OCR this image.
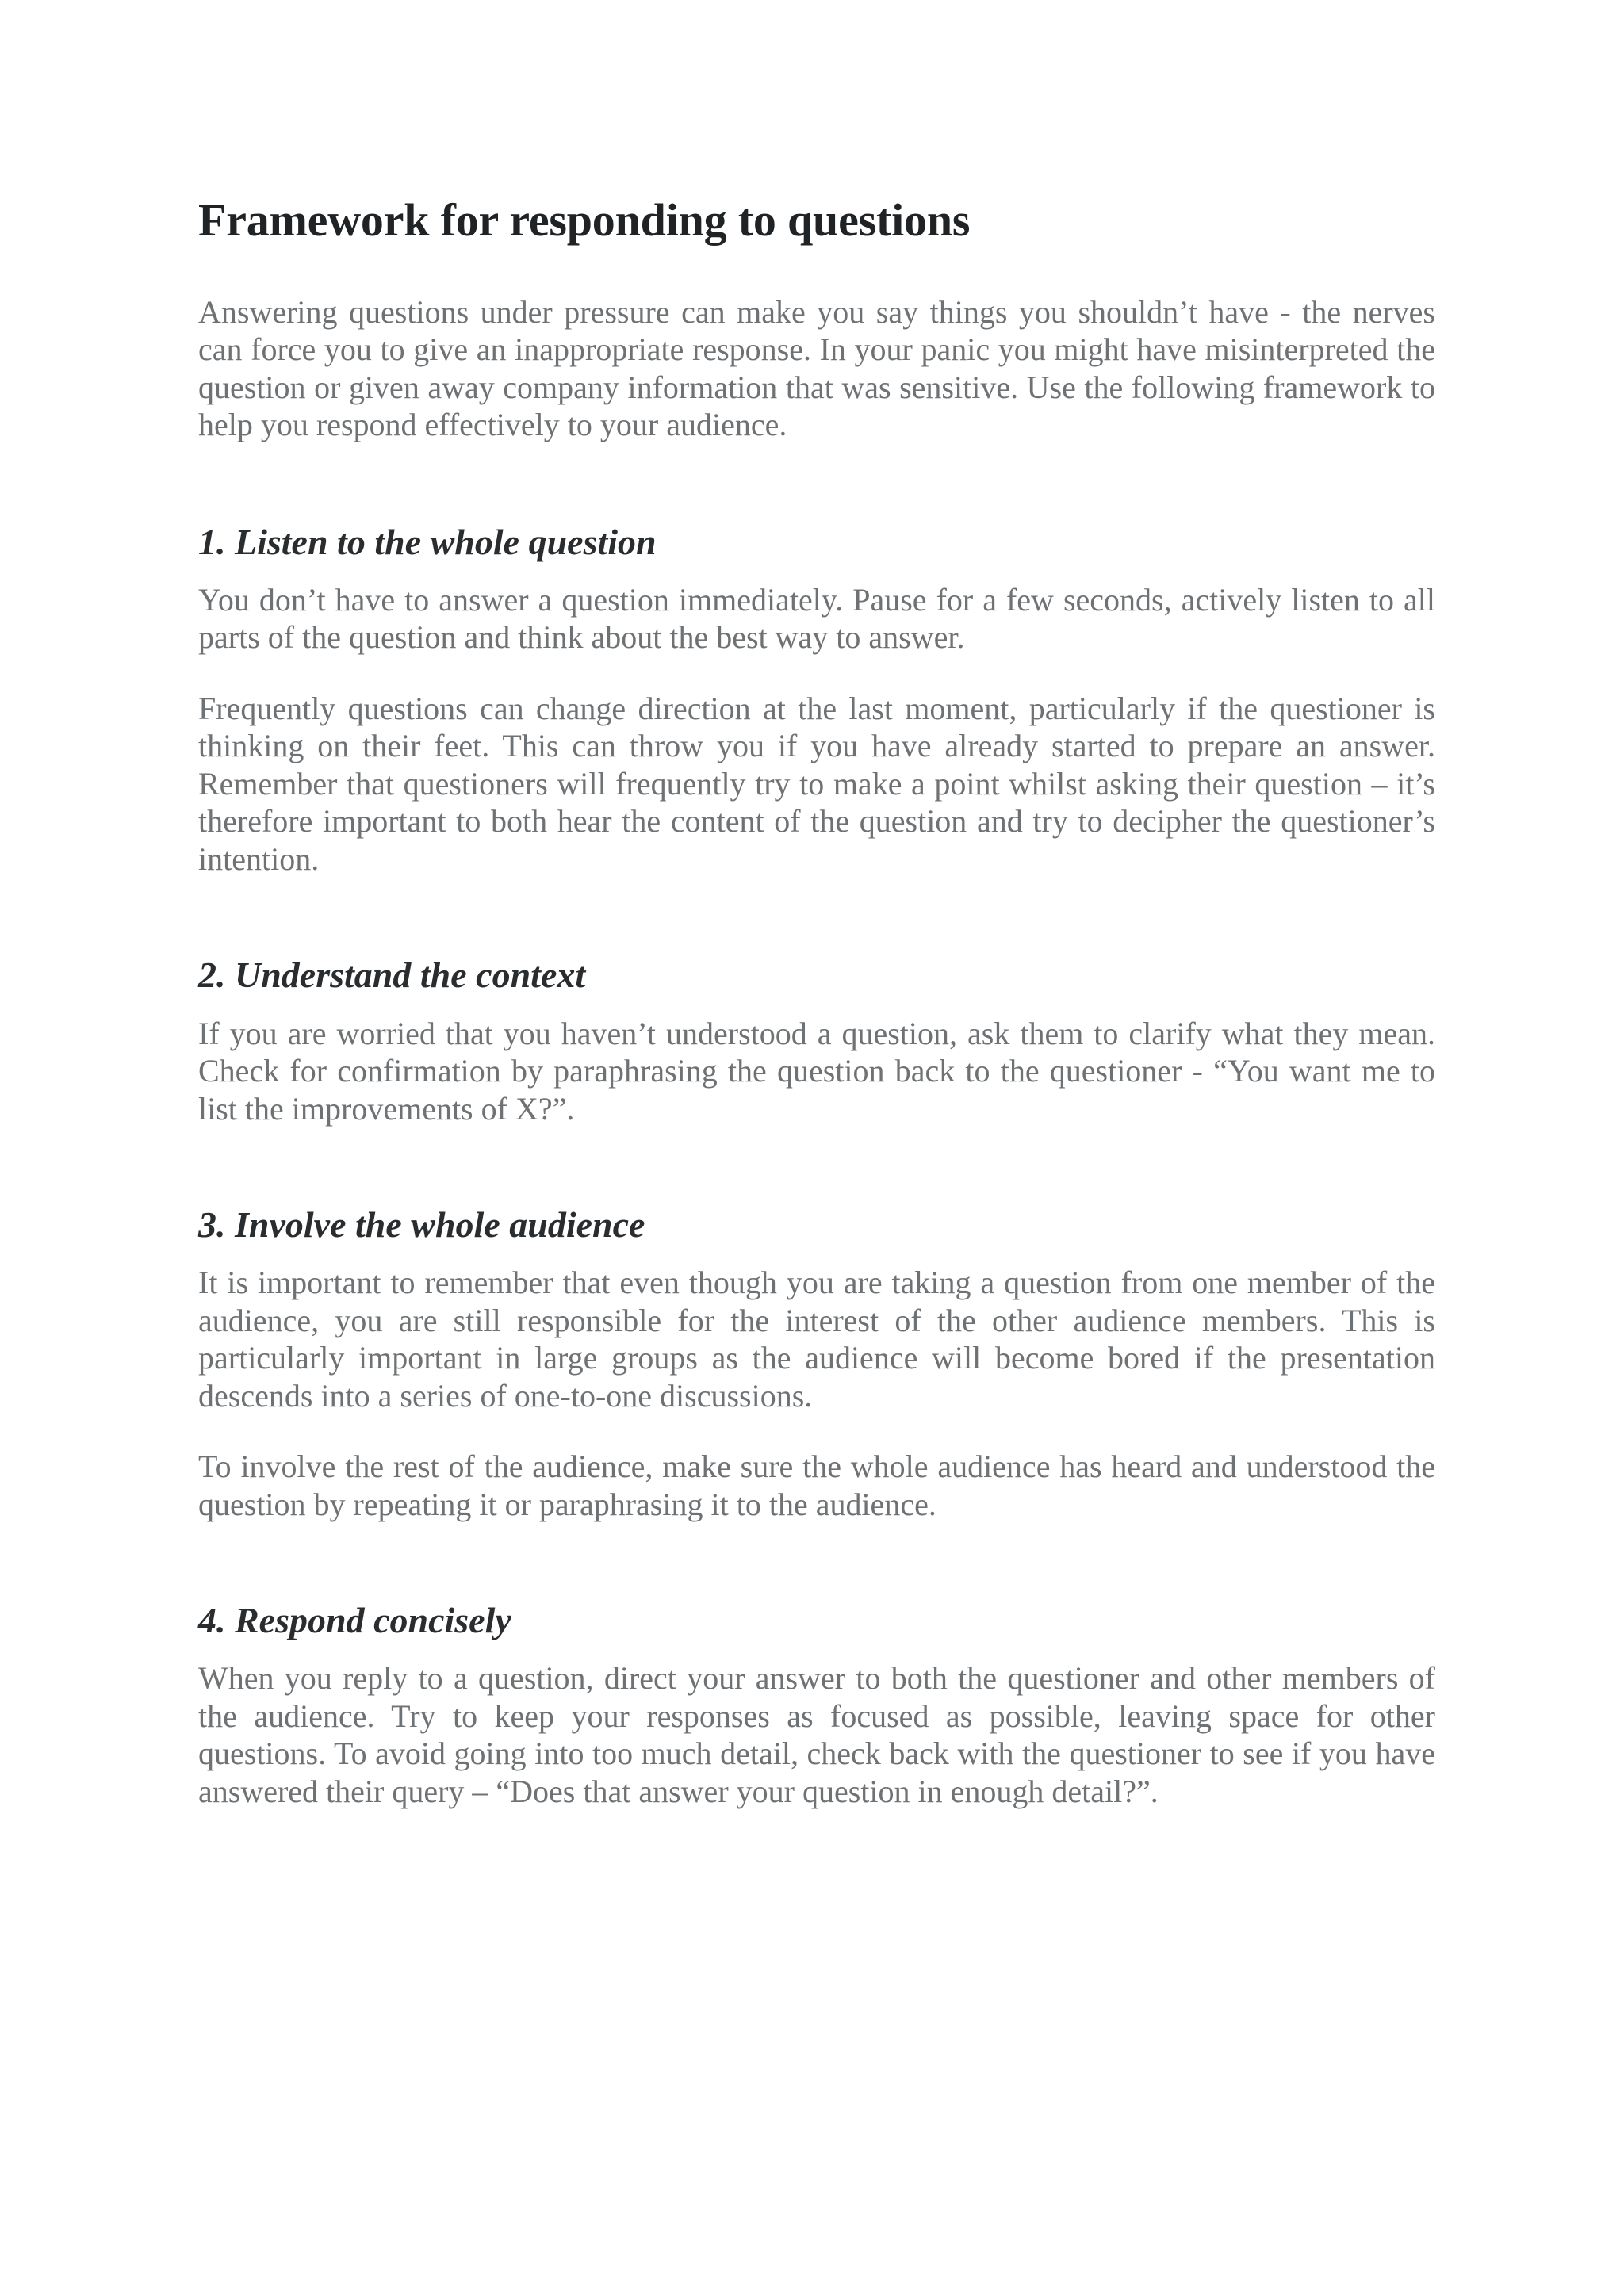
Framework for responding to questions

Answering questions under pressure can make you say things you shouldn’t have - the nerves can force you to give an inappropriate response. In your panic you might have misinterpreted the question or given away company information that was sensitive. Use the following framework to help you respond effectively to your audience.

1. Listen to the whole question

You don’t have to answer a question immediately. Pause for a few seconds, actively listen to all parts of the question and think about the best way to answer.

Frequently questions can change direction at the last moment, particularly if the questioner is thinking on their feet. This can throw you if you have already started to prepare an answer. Remember that questioners will frequently try to make a point whilst asking their question – it’s therefore important to both hear the content of the question and try to decipher the questioner’s intention.

2. Understand the context

If you are worried that you haven’t understood a question, ask them to clarify what they mean. Check for confirmation by paraphrasing the question back to the questioner - “You want me to list the improvements of X?”.

3. Involve the whole audience

It is important to remember that even though you are taking a question from one member of the audience, you are still responsible for the interest of the other audience members. This is particularly important in large groups as the audience will become bored if the presentation descends into a series of one-to-one discussions.

To involve the rest of the audience, make sure the whole audience has heard and understood the question by repeating it or paraphrasing it to the audience.

4. Respond concisely

When you reply to a question, direct your answer to both the questioner and other members of the audience. Try to keep your responses as focused as possible, leaving space for other questions. To avoid going into too much detail, check back with the questioner to see if you have answered their query – “Does that answer your question in enough detail?”.
